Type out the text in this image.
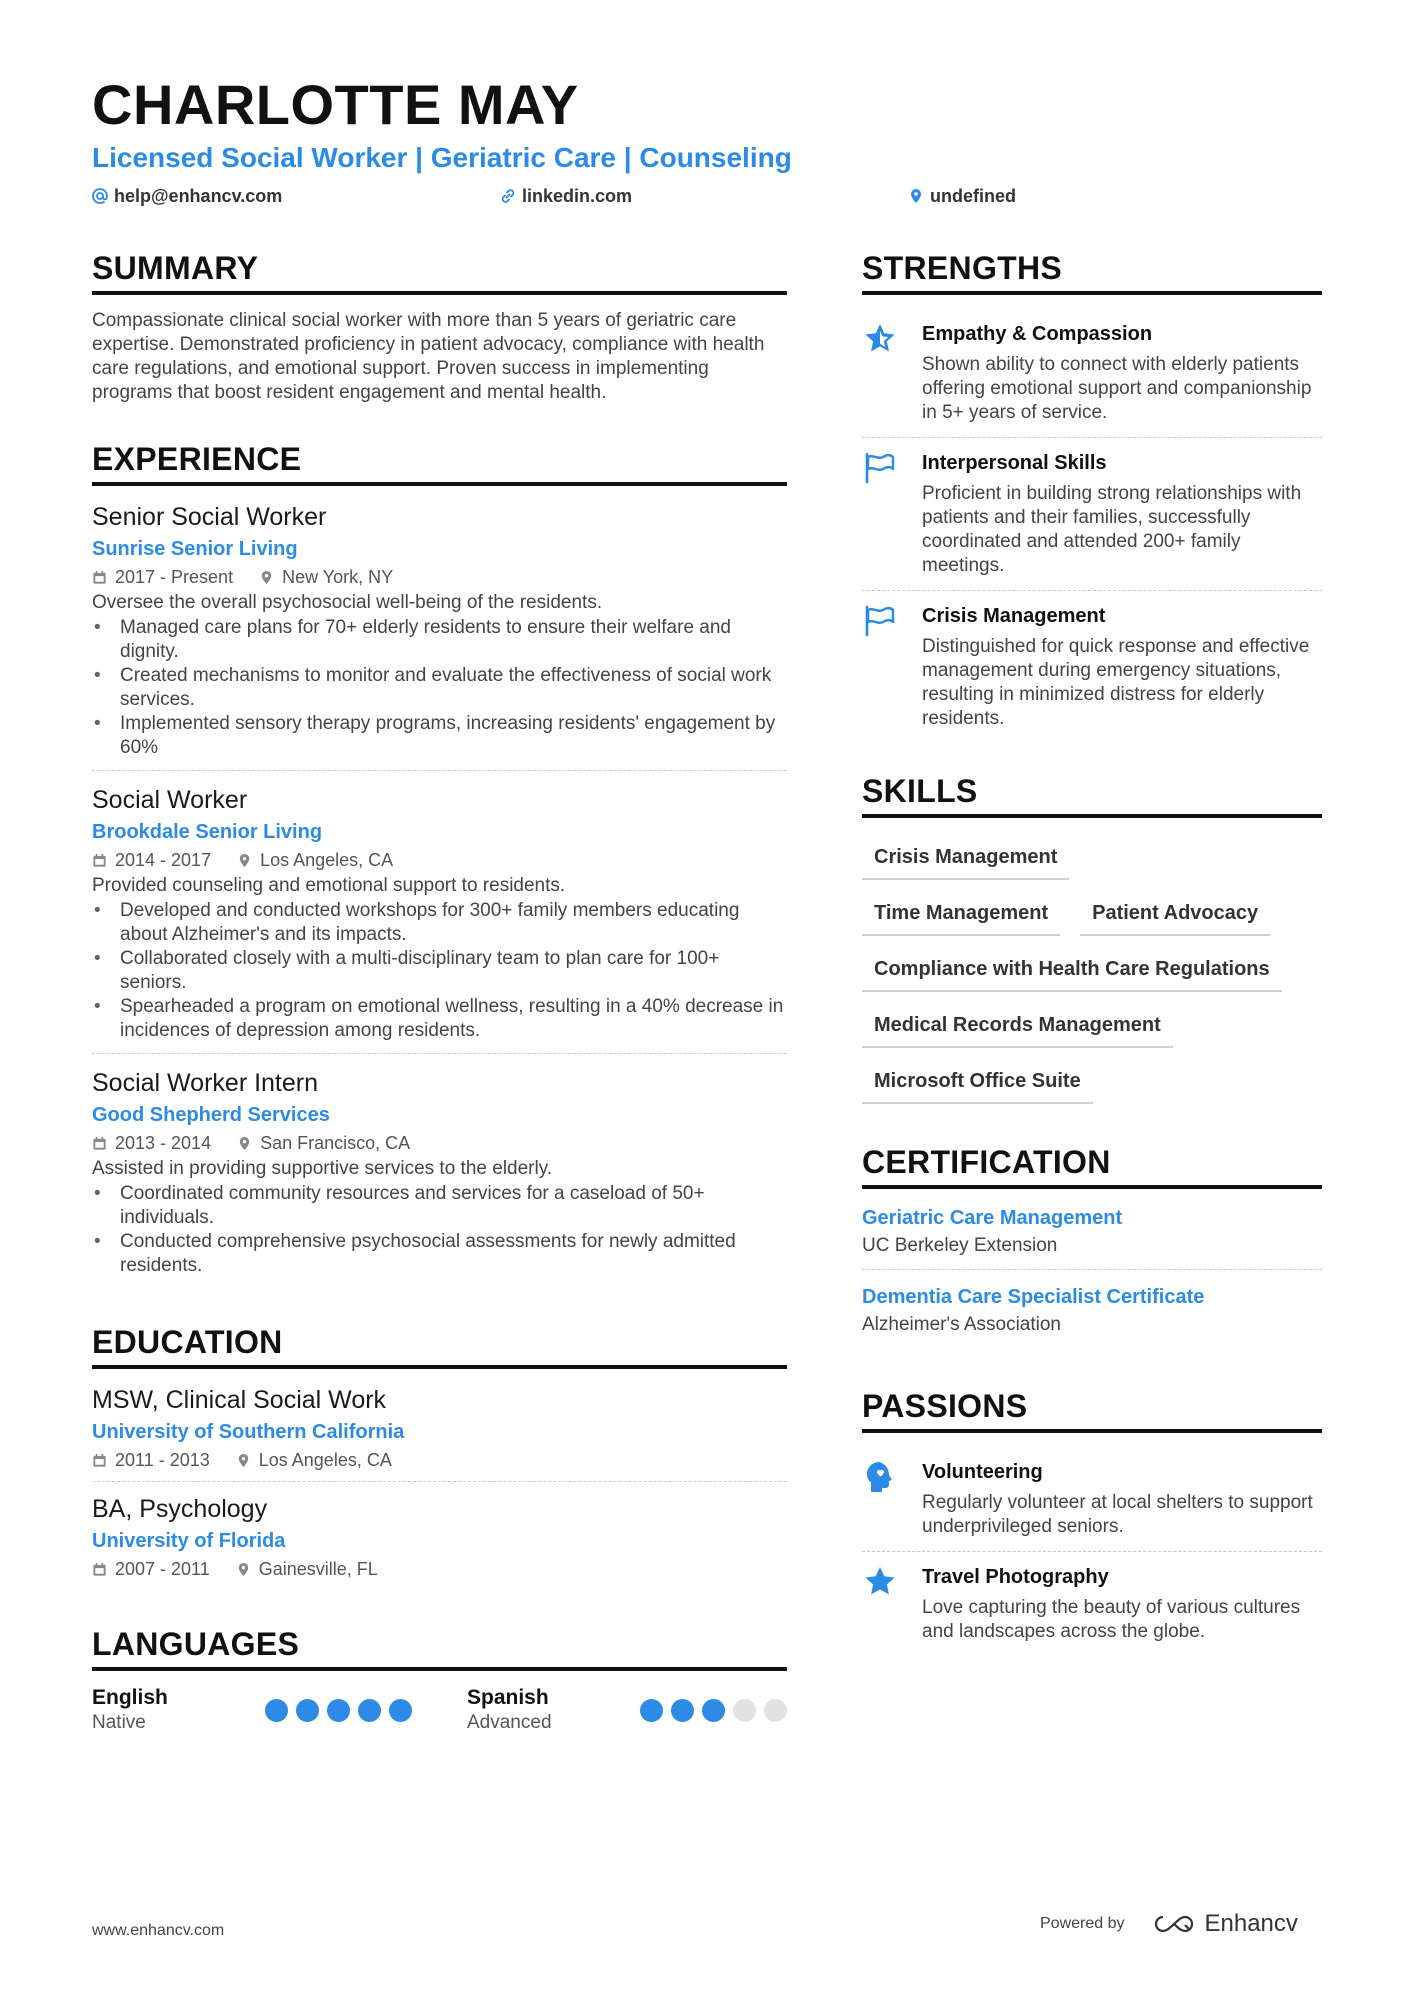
CHARLOTTE MAY
Licensed Social Worker | Geriatric Care | Counseling
help@enhancv.com	linkedin.com	undefined
SUMMARY
Compassionate clinical social worker with more than 5 years of geriatric care expertise. Demonstrated proficiency in patient advocacy, compliance with health care regulations, and emotional support. Proven success in implementing programs that boost resident engagement and mental health.
EXPERIENCE
Senior Social Worker
Sunrise Senior Living
2017 - Present	New York, NY
Oversee the overall psychosocial well-being of the residents.
• Managed care plans for 70+ elderly residents to ensure their welfare and dignity.
• Created mechanisms to monitor and evaluate the effectiveness of social work services.
• Implemented sensory therapy programs, increasing residents' engagement by 60%
Social Worker
Brookdale Senior Living
2014 - 2017	Los Angeles, CA
Provided counseling and emotional support to residents.
• Developed and conducted workshops for 300+ family members educating about Alzheimer's and its impacts.
• Collaborated closely with a multi-disciplinary team to plan care for 100+ seniors.
• Spearheaded a program on emotional wellness, resulting in a 40% decrease in incidences of depression among residents.
Social Worker Intern
Good Shepherd Services
2013 - 2014	San Francisco, CA
Assisted in providing supportive services to the elderly.
• Coordinated community resources and services for a caseload of 50+ individuals.
• Conducted comprehensive psychosocial assessments for newly admitted residents.
EDUCATION
MSW, Clinical Social Work
University of Southern California
2011 - 2013	Los Angeles, CA
BA, Psychology
University of Florida
2007 - 2011	Gainesville, FL
LANGUAGES
English
Native
Spanish
Advanced
STRENGTHS
Empathy & Compassion
Shown ability to connect with elderly patients offering emotional support and companionship in 5+ years of service.
Interpersonal Skills
Proficient in building strong relationships with patients and their families, successfully coordinated and attended 200+ family meetings.
Crisis Management
Distinguished for quick response and effective management during emergency situations, resulting in minimized distress for elderly residents.
SKILLS
Crisis Management
Time Management	Patient Advocacy
Compliance with Health Care Regulations
Medical Records Management
Microsoft Office Suite
CERTIFICATION
Geriatric Care Management
UC Berkeley Extension
Dementia Care Specialist Certificate
Alzheimer's Association
PASSIONS
Volunteering
Regularly volunteer at local shelters to support underprivileged seniors.
Travel Photography
Love capturing the beauty of various cultures and landscapes across the globe.
www.enhancv.com	Powered by	Enhancv
